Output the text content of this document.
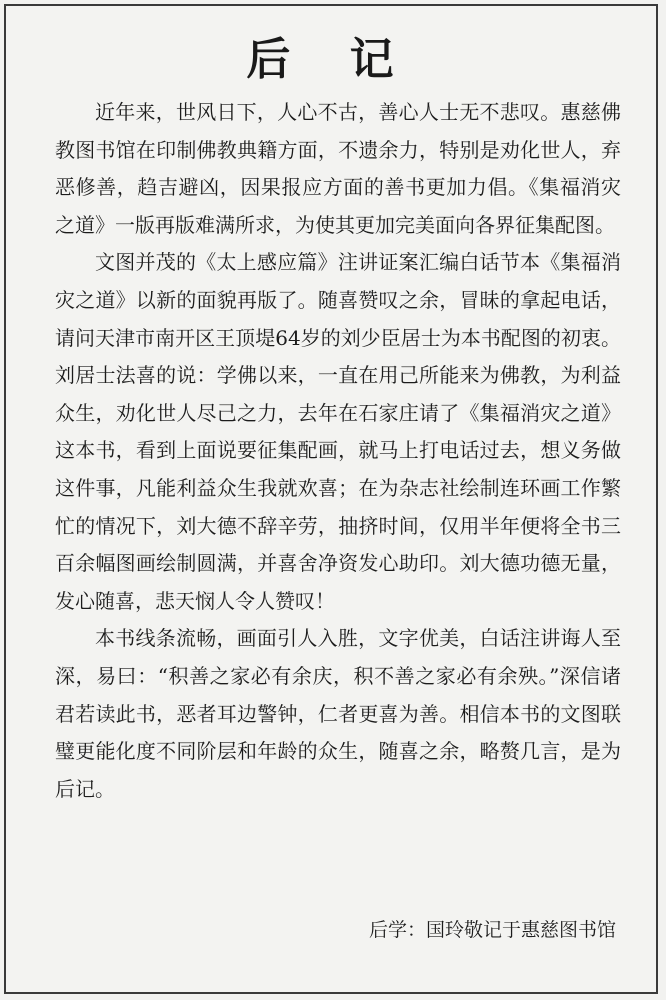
后 记

近年来，世风日下，人心不古，善心人士无不悲叹。惠慈佛教图书馆在印制佛教典籍方面，不遗余力，特别是劝化世人，弃恶修善，趋吉避凶，因果报应方面的善书更加力倡。《集福消灾之道》一版再版难满所求，为使其更加完美面向各界征集配图。

文图并茂的《太上感应篇》注讲证案汇编白话节本《集福消灾之道》以新的面貌再版了。随喜赞叹之余，冒昧的拿起电话，请问天津市南开区王顶堤64岁的刘少臣居士为本书配图的初衷。刘居士法喜的说：学佛以来，一直在用己所能来为佛教，为利益众生，劝化世人尽己之力，去年在石家庄请了《集福消灾之道》这本书，看到上面说要征集配画，就马上打电话过去，想义务做这件事，凡能利益众生我就欢喜；在为杂志社绘制连环画工作繁忙的情况下，刘大德不辞辛劳，抽挤时间，仅用半年便将全书三百余幅图画绘制圆满，并喜舍净资发心助印。刘大德功德无量，发心随喜，悲天悯人令人赞叹！

本书线条流畅，画面引人入胜，文字优美，白话注讲诲人至深，易曰：“积善之家必有余庆，积不善之家必有余殃。”深信诸君若读此书，恶者耳边警钟，仁者更喜为善。相信本书的文图联璧更能化度不同阶层和年龄的众生，随喜之余，略赘几言，是为后记。

后学：国玲敬记于惠慈图书馆
